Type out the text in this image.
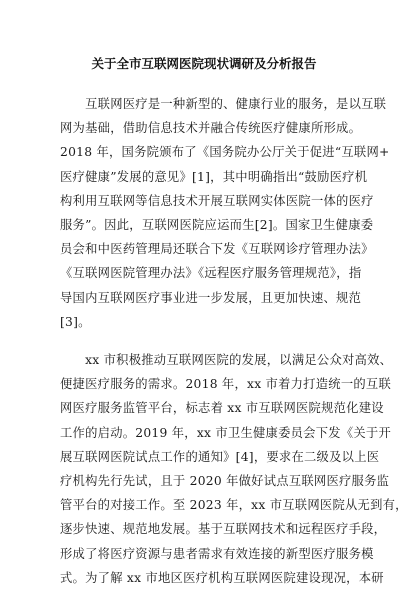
关于全市互联网医院现状调研及分析报告
　　互联网医疗是一种新型的、健康行业的服务，是以互联
网为基础，借助信息技术并融合传统医疗健康所形成。
2018 年，国务院颁布了《国务院办公厅关于促进“互联网+
医疗健康”发展的意见》[1]，其中明确指出“鼓励医疗机
构利用互联网等信息技术开展互联网实体医院一体的医疗
服务”。因此，互联网医院应运而生[2]。国家卫生健康委
员会和中医药管理局还联合下发《互联网诊疗管理办法》
《互联网医院管理办法》《远程医疗服务管理规范》，指
导国内互联网医疗事业进一步发展，且更加快速、规范
[3]。
　　xx 市积极推动互联网医院的发展，以满足公众对高效、
便捷医疗服务的需求。2018 年，xx 市着力打造统一的互联
网医疗服务监管平台，标志着 xx 市互联网医院规范化建设
工作的启动。2019 年，xx 市卫生健康委员会下发《关于开
展互联网医院试点工作的通知》[4]，要求在二级及以上医
疗机构先行先试，且于 2020 年做好试点互联网医疗服务监
管平台的对接工作。至 2023 年，xx 市互联网医院从无到有，
逐步快速、规范地发展。基于互联网技术和远程医疗手段，
形成了将医疗资源与患者需求有效连接的新型医疗服务模
式。为了解 xx 市地区医疗机构互联网医院建设现况，本研
